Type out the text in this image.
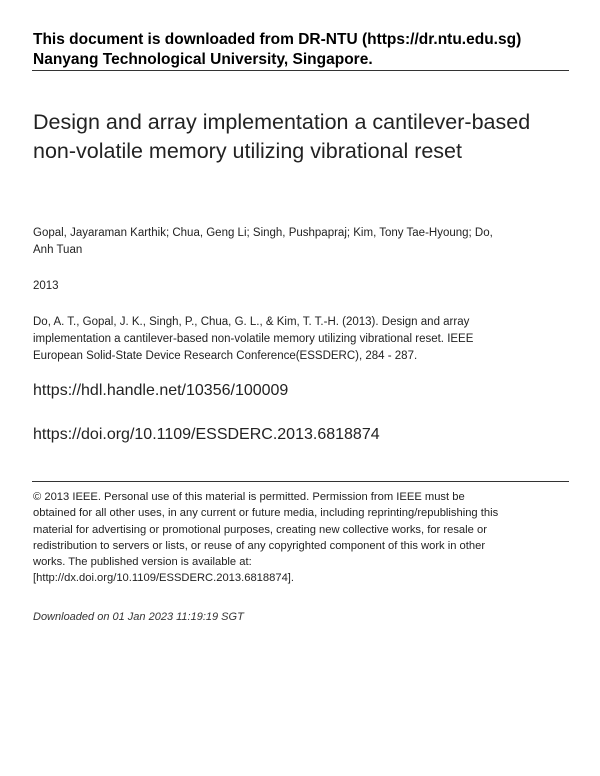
This document is downloaded from DR-NTU (https://dr.ntu.edu.sg)
Nanyang Technological University, Singapore.
Design and array implementation a cantilever-based non-volatile memory utilizing vibrational reset
Gopal, Jayaraman Karthik; Chua, Geng Li; Singh, Pushpapraj; Kim, Tony Tae-Hyoung; Do, Anh Tuan
2013
Do, A. T., Gopal, J. K., Singh, P., Chua, G. L., & Kim, T. T.-H. (2013). Design and array implementation a cantilever-based non-volatile memory utilizing vibrational reset. IEEE European Solid-State Device Research Conference(ESSDERC), 284 - 287.
https://hdl.handle.net/10356/100009
https://doi.org/10.1109/ESSDERC.2013.6818874
© 2013 IEEE. Personal use of this material is permitted. Permission from IEEE must be obtained for all other uses, in any current or future media, including reprinting/republishing this material for advertising or promotional purposes, creating new collective works, for resale or redistribution to servers or lists, or reuse of any copyrighted component of this work in other works. The published version is available at: [http://dx.doi.org/10.1109/ESSDERC.2013.6818874].
Downloaded on 01 Jan 2023 11:19:19 SGT
